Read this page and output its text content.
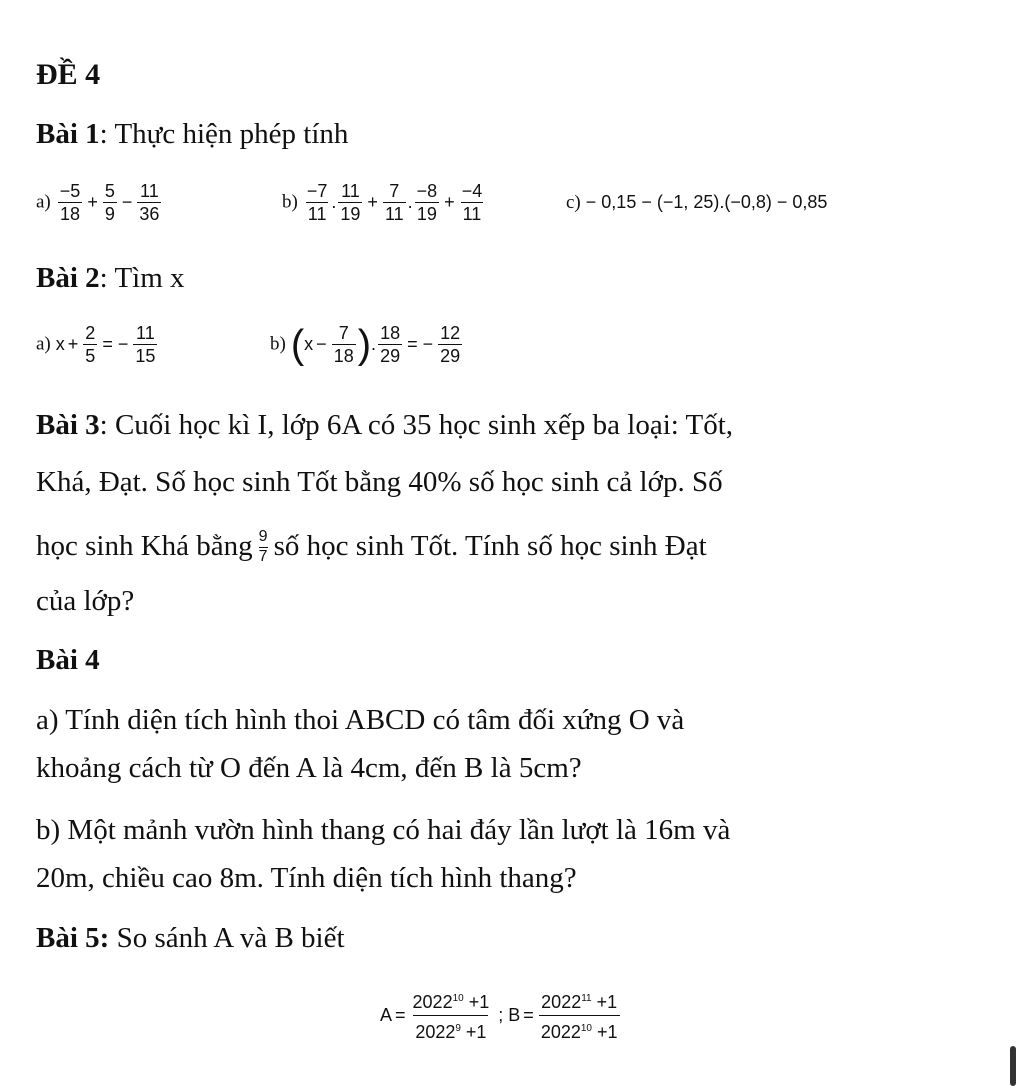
ĐỀ 4
Bài 1: Thực hiện phép tính
$a) \frac{-5}{18} + \frac{5}{9} - \frac{11}{36}$	$b) \frac{-7}{11}$ . $\frac{11}{19} + \frac{7}{11}$ . $\frac{-8}{19} + \frac{-4}{11}$	c) − 0,15 − (−1, 25).(−0,8) − 0,85
Bài 2: Tìm x
a) $x + \frac{2}{5}$ = − $\frac{11}{15}$	b) ($x - \frac{7}{18}$ ). $\frac{18}{29}$ = − $\frac{12}{29}$
Bài 3: Cuối học kì I, lớp 6A có 35 học sinh xếp ba loại: Tốt,
Khá, Đạt. Số học sinh Tốt bằng 40% số học sinh cả lớp. Số
học sinh Khá bằng $\frac{9}{7}$ số học sinh Tốt. Tính số học sinh Đạt
của lớp?
Bài 4
a) Tính diện tích hình thoi ABCD có tâm đối xứng O và
khoảng cách từ O đến A là 4cm, đến B là 5cm?
b) Một mảnh vườn hình thang có hai đáy lần lượt là 16m và
20m, chiều cao 8m. Tính diện tích hình thang?
Bài 5: So sánh A và B biết
$A = \frac{2022^{10} +1}{2022^9 +1}$ ; $B = \frac{2022^{11} +1}{2022^{10} +1}$
